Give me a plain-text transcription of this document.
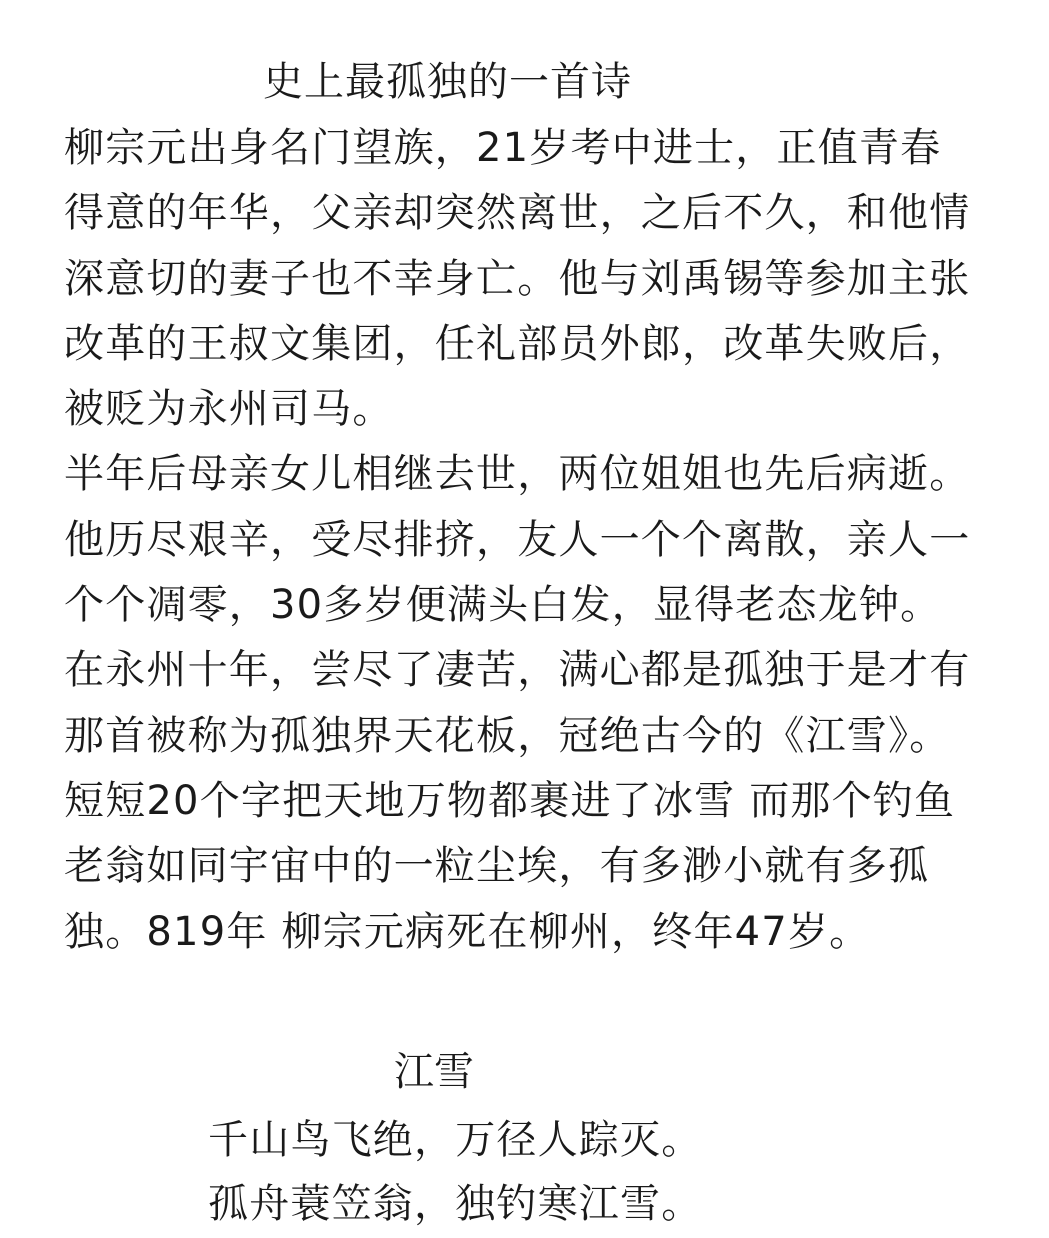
史上最孤独的一首诗
柳宗元出身名门望族，21岁考中进士，正值青春
得意的年华，父亲却突然离世，之后不久，和他情
深意切的妻子也不幸身亡。他与刘禹锡等参加主张
改革的王叔文集团，任礼部员外郎，改革失败后，
被贬为永州司马。
半年后母亲女儿相继去世，两位姐姐也先后病逝。
他历尽艰辛，受尽排挤，友人一个个离散，亲人一
个个凋零，30多岁便满头白发，显得老态龙钟。
在永州十年，尝尽了凄苦，满心都是孤独于是才有
那首被称为孤独界天花板，冠绝古今的《江雪》。
短短20个字把天地万物都裹进了冰雪 而那个钓鱼
老翁如同宇宙中的一粒尘埃，有多渺小就有多孤
独。819年 柳宗元病死在柳州，终年47岁。
江雪
千山鸟飞绝，万径人踪灭。
孤舟蓑笠翁，独钓寒江雪。
